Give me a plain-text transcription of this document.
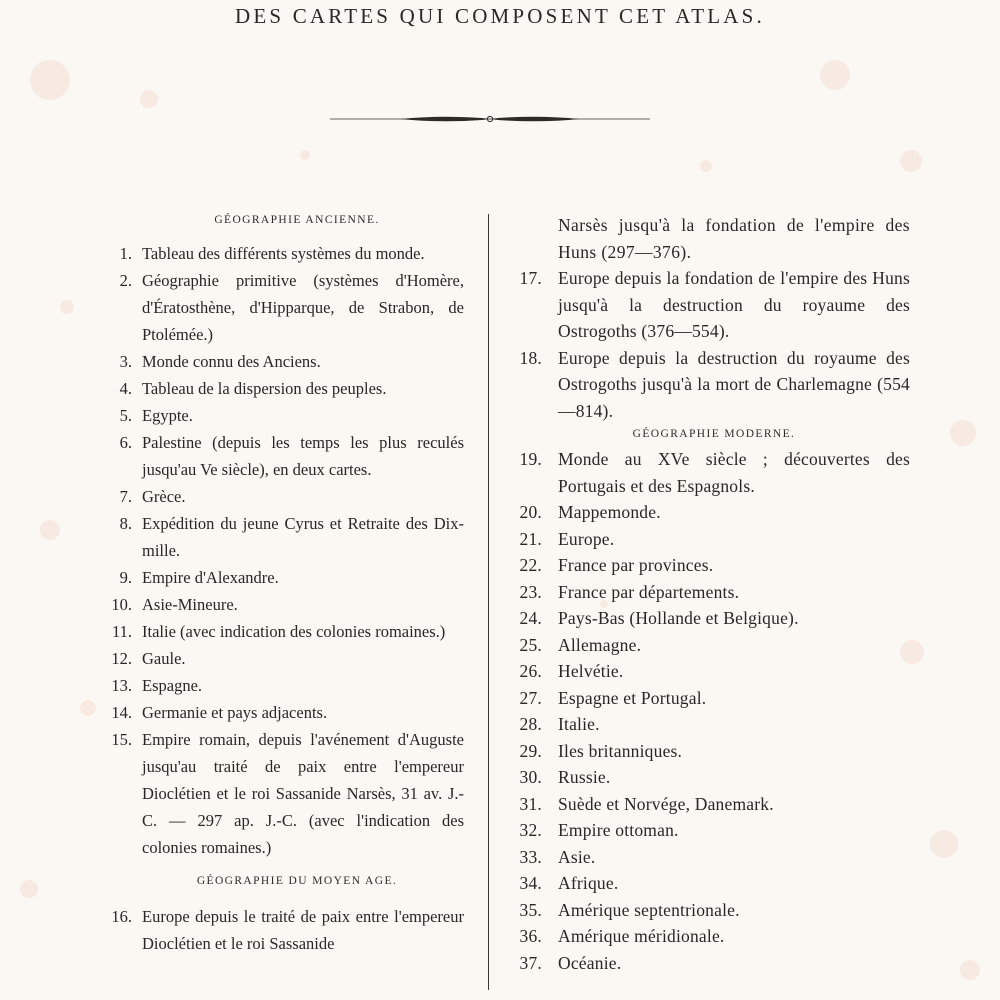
DES CARTES QUI COMPOSENT CET ATLAS.
GÉOGRAPHIE ANCIENNE.
1. Tableau des différents systèmes du monde.
2. Géographie primitive (systèmes d'Homère, d'Ératosthène, d'Hipparque, de Strabon, de Ptolémée.)
3. Monde connu des Anciens.
4. Tableau de la dispersion des peuples.
5. Egypte.
6. Palestine (depuis les temps les plus reculés jusqu'au Ve siècle), en deux cartes.
7. Grèce.
8. Expédition du jeune Cyrus et Retraite des Dix-mille.
9. Empire d'Alexandre.
10. Asie-Mineure.
11. Italie (avec indication des colonies romaines.)
12. Gaule.
13. Espagne.
14. Germanie et pays adjacents.
15. Empire romain, depuis l'avénement d'Auguste jusqu'au traité de paix entre l'empereur Dioclétien et le roi Sassanide Narsès, 31 av. J.-C. — 297 ap. J.-C. (avec l'indication des colonies romaines.)
GÉOGRAPHIE DU MOYEN AGE.
16. Europe depuis le traité de paix entre l'empereur Dioclétien et le roi Sassanide
Narsès jusqu'à la fondation de l'empire des Huns (297—376).
17. Europe depuis la fondation de l'empire des Huns jusqu'à la destruction du royaume des Ostrogoths (376—554).
18. Europe depuis la destruction du royaume des Ostrogoths jusqu'à la mort de Charlemagne (554—814).
GÉOGRAPHIE MODERNE.
19. Monde au XVe siècle ; découvertes des Portugais et des Espagnols.
20. Mappemonde.
21. Europe.
22. France par provinces.
23. France par départements.
24. Pays-Bas (Hollande et Belgique).
25. Allemagne.
26. Helvétie.
27. Espagne et Portugal.
28. Italie.
29. Iles britanniques.
30. Russie.
31. Suède et Norvége, Danemark.
32. Empire ottoman.
33. Asie.
34. Afrique.
35. Amérique septentrionale.
36. Amérique méridionale.
37. Océanie.
